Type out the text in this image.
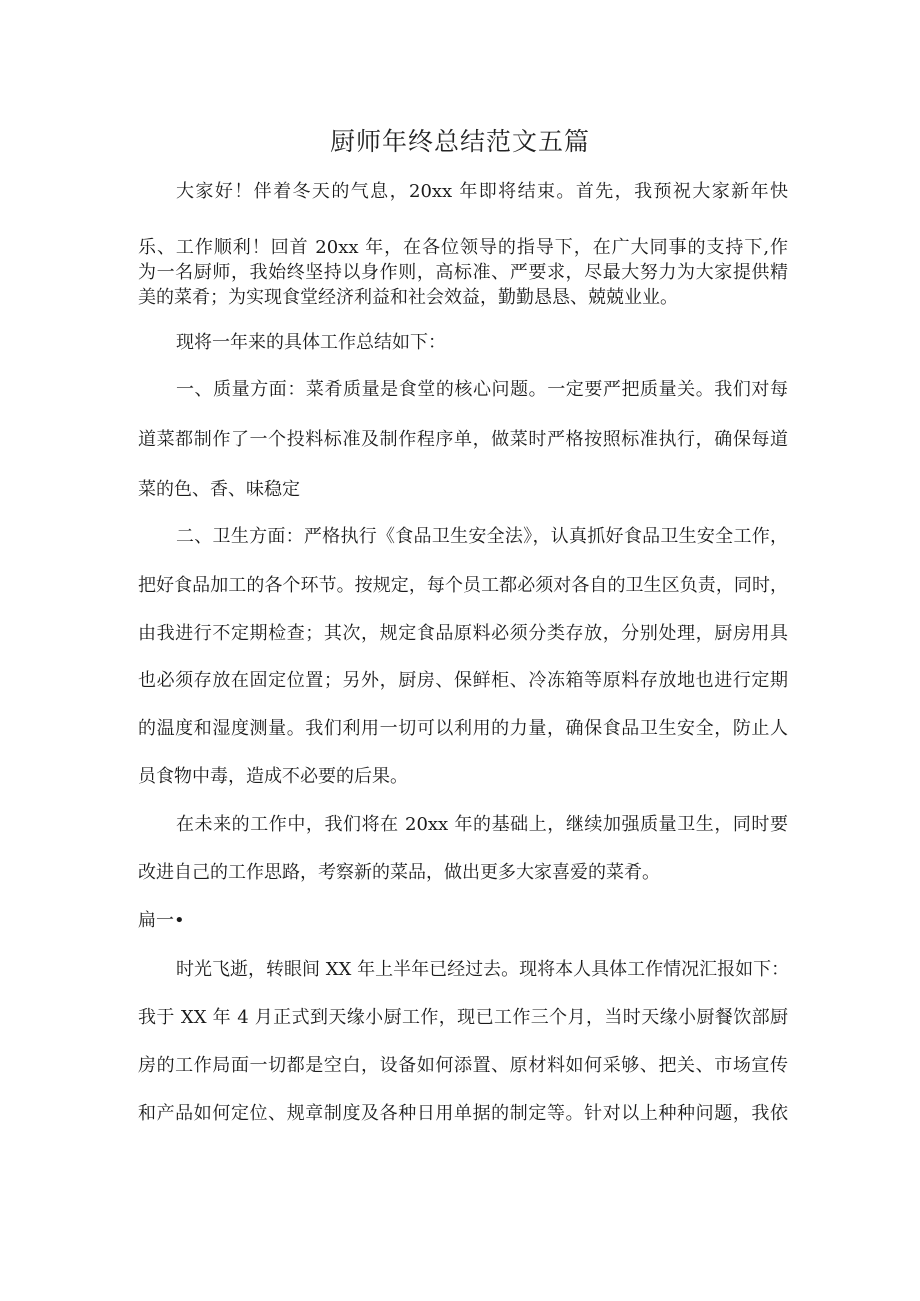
厨师年终总结范文五篇
大家好！伴着冬天的气息，20xx 年即将结束。首先，我预祝大家新年快
乐、工作顺利！回首 20xx 年，在各位领导的指导下，在广大同事的支持下,作
为一名厨师，我始终坚持以身作则，高标准、严要求，尽最大努力为大家提供精
美的菜肴；为实现食堂经济利益和社会效益，勤勤恳恳、兢兢业业。
现将一年来的具体工作总结如下：
一、质量方面：菜肴质量是食堂的核心问题。一定要严把质量关。我们对每
道菜都制作了一个投料标准及制作程序单，做菜时严格按照标准执行，确保每道
菜的色、香、味稳定
二、卫生方面：严格执行《食品卫生安全法》，认真抓好食品卫生安全工作，
把好食品加工的各个环节。按规定，每个员工都必须对各自的卫生区负责，同时，
由我进行不定期检查；其次，规定食品原料必须分类存放，分别处理，厨房用具
也必须存放在固定位置；另外，厨房、保鲜柜、冷冻箱等原料存放地也进行定期
的温度和湿度测量。我们利用一切可以利用的力量，确保食品卫生安全，防止人
员食物中毒，造成不必要的后果。
在未来的工作中，我们将在 20xx 年的基础上，继续加强质量卫生，同时要
改进自己的工作思路，考察新的菜品，做出更多大家喜爱的菜肴。
扁一•
时光飞逝，转眼间 XX 年上半年已经过去。现将本人具体工作情况汇报如下：
我于 XX 年 4 月正式到天缘小厨工作，现已工作三个月，当时天缘小厨餐饮部厨
房的工作局面一切都是空白，设备如何添置、原材料如何采够、把关、市场宣传
和产品如何定位、规章制度及各种日用单据的制定等。针对以上种种问题，我依
